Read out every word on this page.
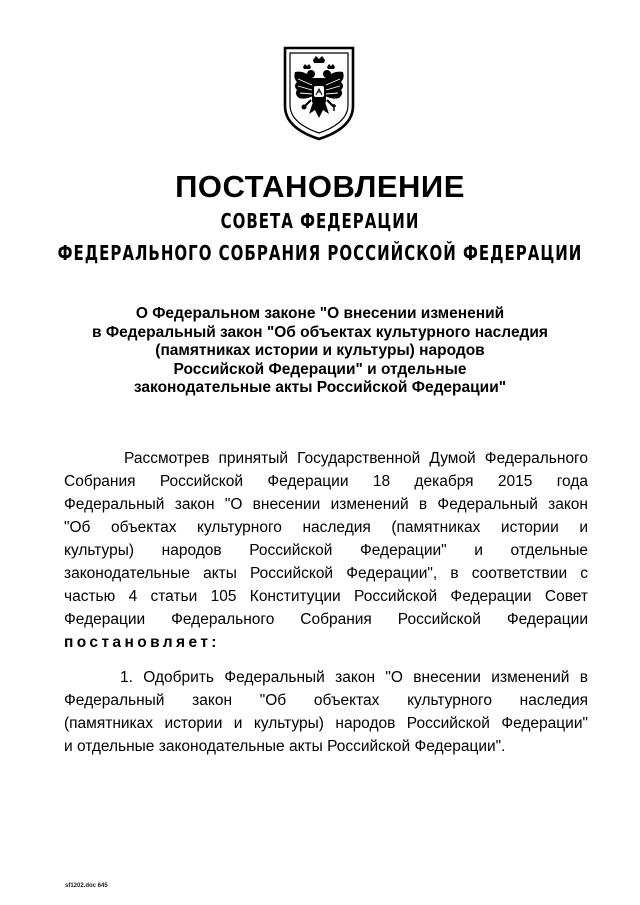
ПОСТАНОВЛЕНИЕ
СОВЕТА ФЕДЕРАЦИИ
ФЕДЕРАЛЬНОГО СОБРАНИЯ РОССИЙСКОЙ ФЕДЕРАЦИИ
О Федеральном законе "О внесении изменений
в Федеральный закон "Об объектах культурного наследия
(памятниках истории и культуры) народов
Российской Федерации" и отдельные
законодательные акты Российской Федерации"
Рассмотрев принятый Государственной Думой Федерального
Собрания Российской Федерации 18 декабря 2015 года
Федеральный закон "О внесении изменений в Федеральный закон
"Об объектах культурного наследия (памятниках истории и
культуры) народов Российской Федерации" и отдельные
законодательные акты Российской Федерации", в соответствии с
частью 4 статьи 105 Конституции Российской Федерации Совет
Федерации Федерального Собрания Российской Федерации
постановляет:
1. Одобрить Федеральный закон "О внесении изменений в
Федеральный закон "Об объектах культурного наследия
(памятниках истории и культуры) народов Российской Федерации"
и отдельные законодательные акты Российской Федерации".
sf1202.doc 645
